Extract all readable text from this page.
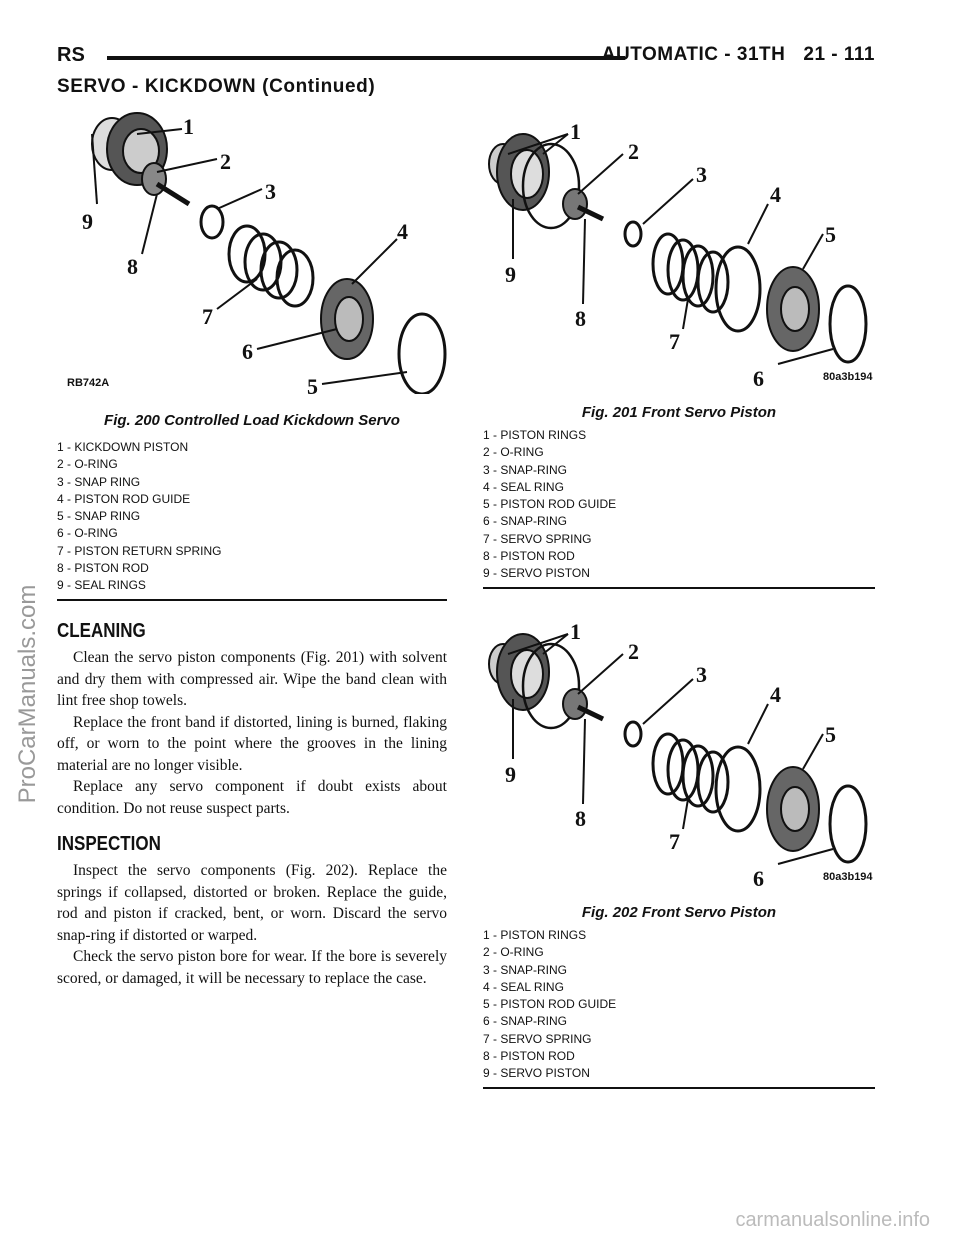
RS	AUTOMATIC - 31TH 21 - 111
SERVO - KICKDOWN (Continued)
1
2
3
4
5
6
7
8
9
RB742A
Fig. 200 Controlled Load Kickdown Servo
1 - KICKDOWN PISTON
2 - O-RING
3 - SNAP RING
4 - PISTON ROD GUIDE
5 - SNAP RING
6 - O-RING
7 - PISTON RETURN SPRING
8 - PISTON ROD
9 - SEAL RINGS
1
2
3
4
5
6
7
8
9
80a3b194
Fig. 201 Front Servo Piston
1 - PISTON RINGS
2 - O-RING
3 - SNAP-RING
4 - SEAL RING
5 - PISTON ROD GUIDE
6 - SNAP-RING
7 - SERVO SPRING
8 - PISTON ROD
9 - SERVO PISTON
CLEANING

Clean the servo piston components (Fig. 201) with solvent and dry them with compressed air. Wipe the band clean with lint free shop towels.

Replace the front band if distorted, lining is burned, flaking off, or worn to the point where the grooves in the lining material are no longer visible.

Replace any servo component if doubt exists about condition. Do not reuse suspect parts.

INSPECTION

Inspect the servo components (Fig. 202). Replace the springs if collapsed, distorted or broken. Replace the guide, rod and piston if cracked, bent, or worn. Discard the servo snap-ring if distorted or warped.

Check the servo piston bore for wear. If the bore is severely scored, or damaged, it will be necessary to replace the case.

1
2
3
4
5
6
7
8
9
80a3b194
Fig. 202 Front Servo Piston
1 - PISTON RINGS
2 - O-RING
3 - SNAP-RING
4 - SEAL RING
5 - PISTON ROD GUIDE
6 - SNAP-RING
7 - SERVO SPRING
8 - PISTON ROD
9 - SERVO PISTON
ProCarManuals.com
carmanualsonline.info
